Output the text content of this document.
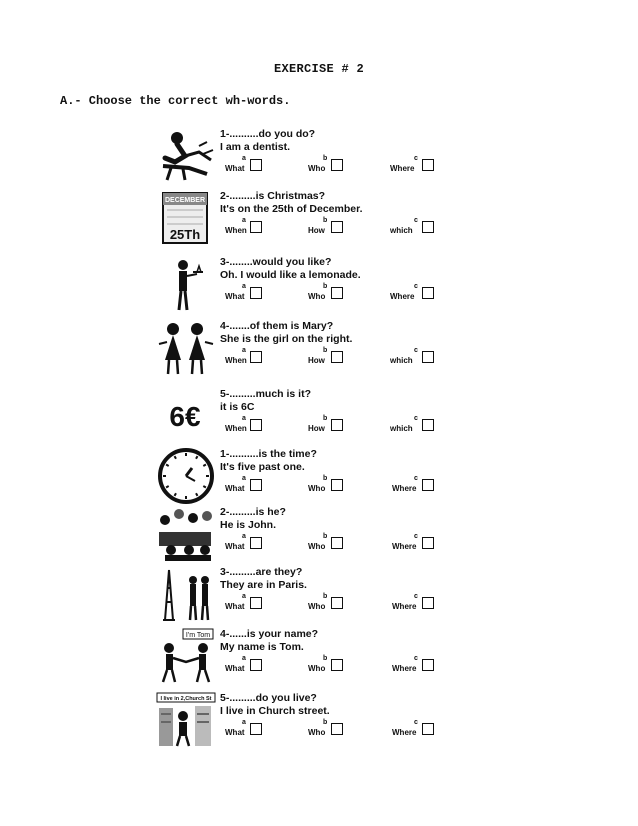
EXERCISE # 2
A.- Choose the correct wh-words.
1-..........do you do?
I am a dentist.
a
What
b
Who
c
Where
DECEMBER
25Th
2-.........is Christmas?
It's on the 25th of December.
a
When
b
How
c
which
3-........would you like?
Oh. I would like a lemonade.
a
What
b
Who
c
Where
4-.......of them is Mary?
She is the girl on the right.
a
When
b
How
c
which
6€
5-.........much is it?
it is 6C
a
When
b
How
c
which
1-..........is the time?
It's five past one.
a
What
b
Who
c
Where
2-.........is he?
He is John.
a
What
b
Who
c
Where
3-.........are they?
They are in Paris.
a
What
b
Who
c
Where
I'm Tom 4-......is your name?
My name is Tom.
a
What
b
Who
c
Where
I live in 2,Church St 5-.........do you live?
I live in Church street.
a
What
b
Who
c
Where
